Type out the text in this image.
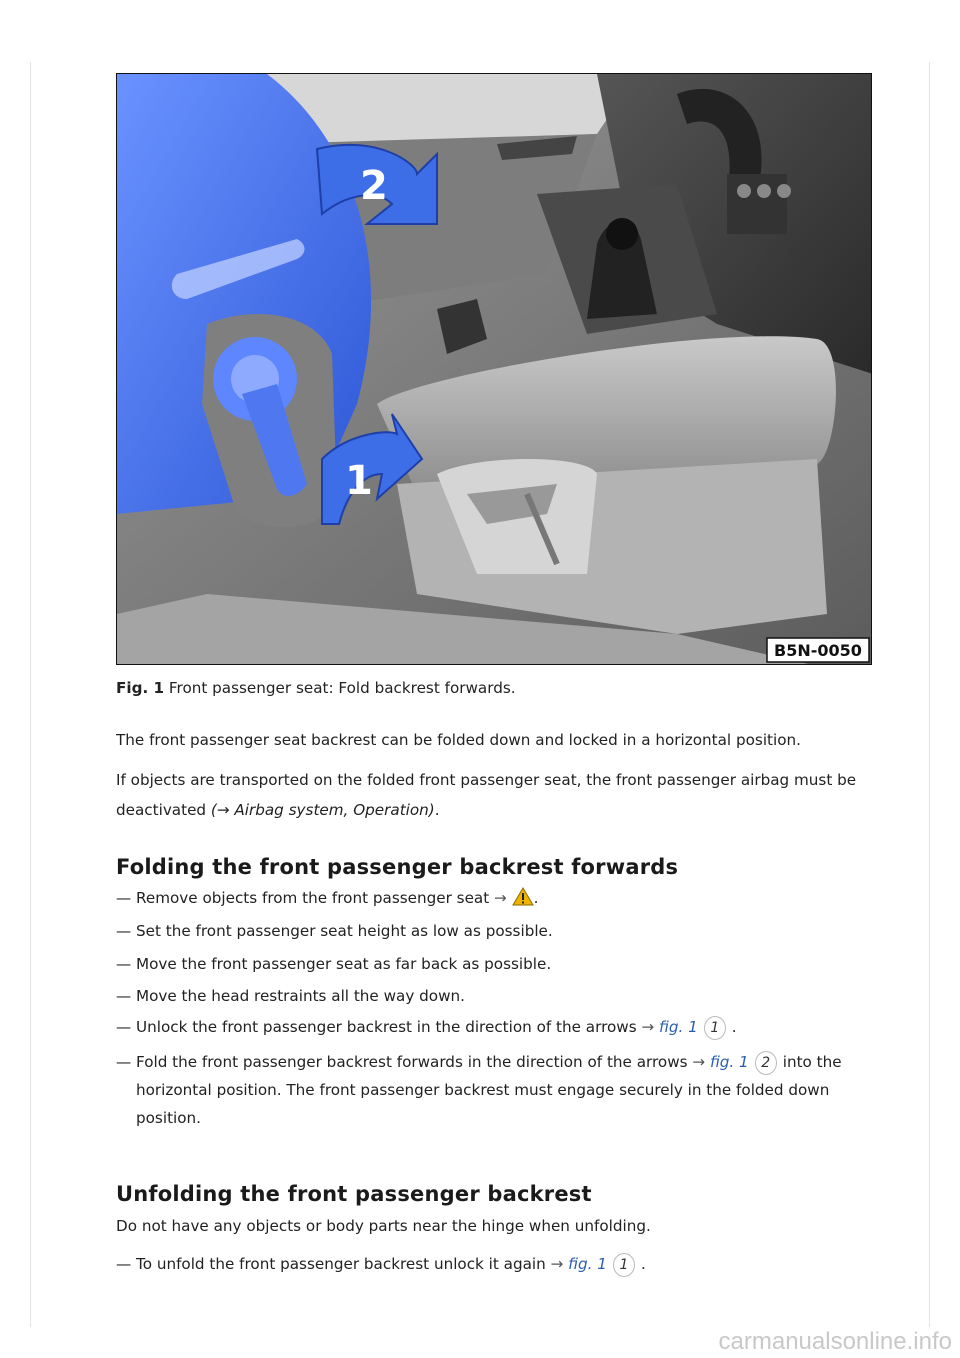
2
1
B5N-0050
Fig. 1 Front passenger seat: Fold backrest forwards.
The front passenger seat backrest can be folded down and locked in a horizontal position.
If objects are transported on the folded front passenger seat, the front passenger airbag must be deactivated (→ Airbag system, Operation).
Folding the front passenger backrest forwards
— Remove objects from the front passenger seat → .
— Set the front passenger seat height as low as possible.
— Move the front passenger seat as far back as possible.
— Move the head restraints all the way down.
— Unlock the front passenger backrest in the direction of the arrows → fig. 1 1 .
— Fold the front passenger backrest forwards in the direction of the arrows → fig. 1 2 into the
horizontal position. The front passenger backrest must engage securely in the folded down
position.
Unfolding the front passenger backrest
Do not have any objects or body parts near the hinge when unfolding.
— To unfold the front passenger backrest unlock it again → fig. 1 1 .
carmanualsonline.info
